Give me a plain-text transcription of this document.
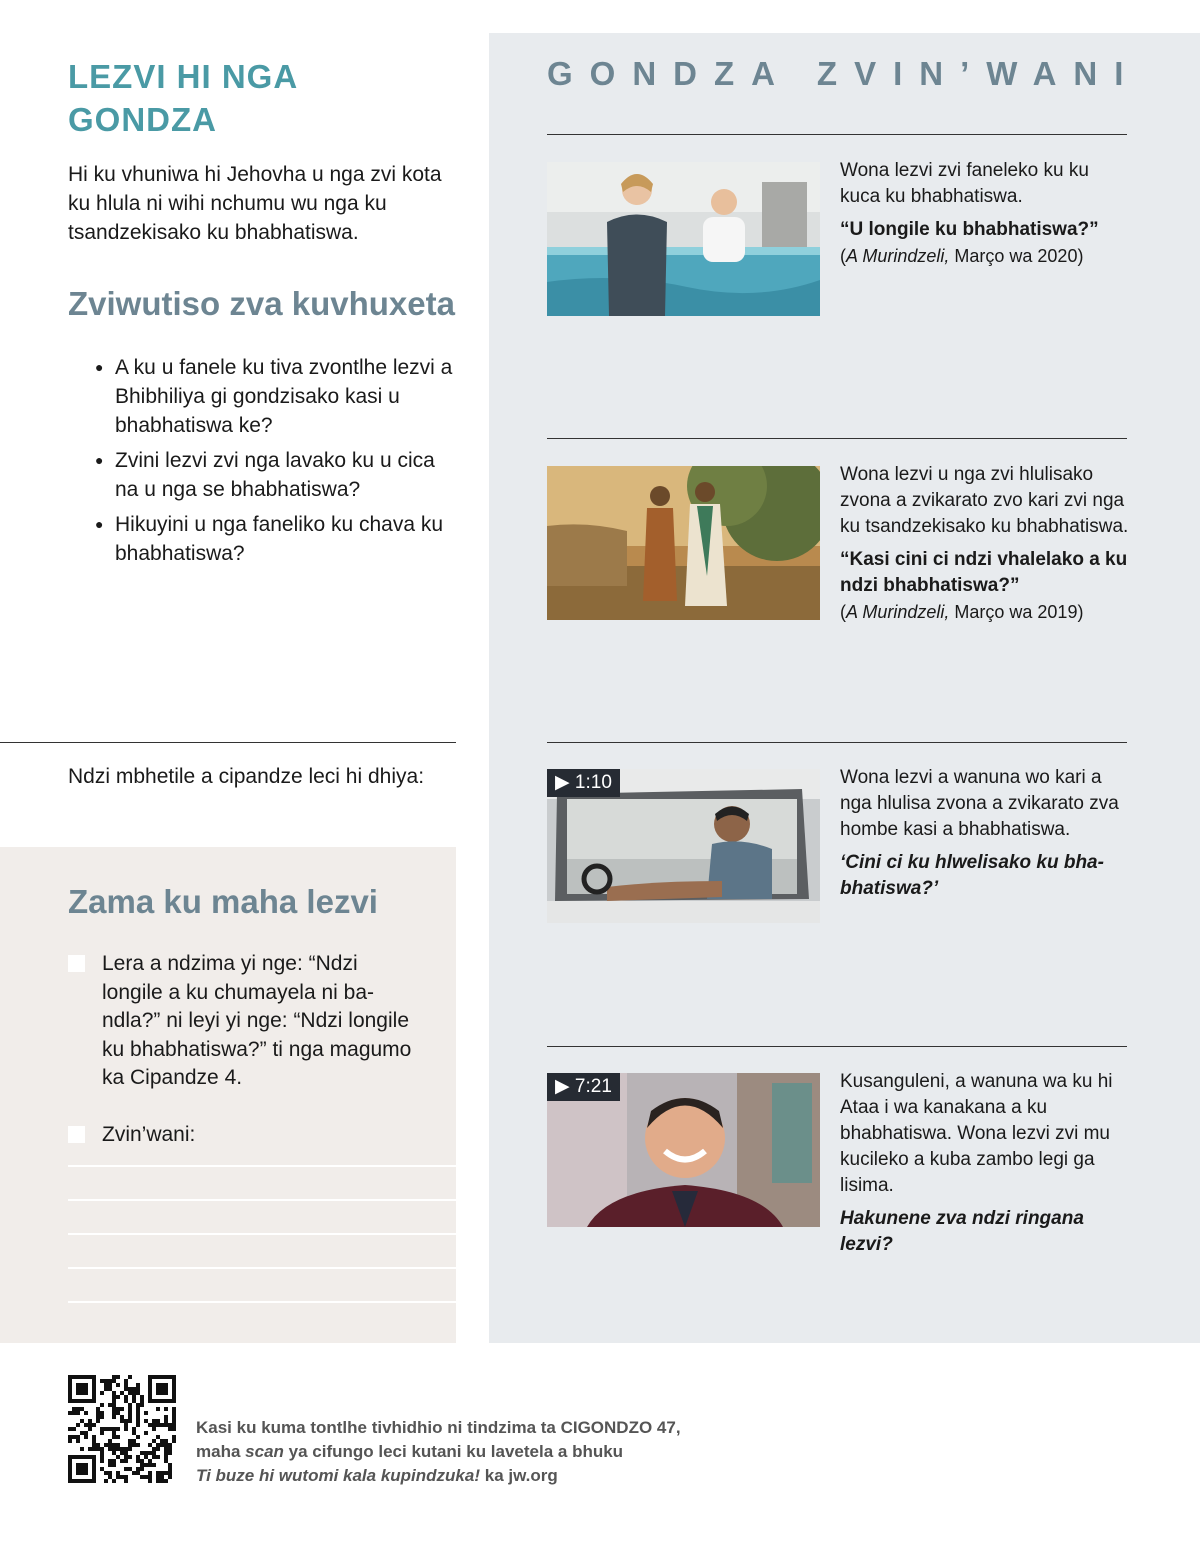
LEZVI HI NGA
GONDZA

Hi ku vhuniwa hi Jehovha u nga zvi kota ku hlula ni wihi nchumu wu nga ku tsandzekisako ku bhabhatiswa.

Zviwutiso zva kuvhuxeta
● A ku u fanele ku tiva zvontlhe lezvi a Bhibhiliya gi gondzisako kasi u bhabhatiswa ke?
● Zvini lezvi zvi nga lavako ku u cica na u nga se bhabhatiswa?
● Hikuyini u nga faneliko ku chava ku bhabhatiswa?

Ndzi mbhetile a cipandze leci hi dhiya:

Zama ku maha lezvi
Lera a ndzima yi nge: “Ndzi longile a ku chumayela ni bandla?” ni leyi yi nge: “Ndzi longile ku bhabhatiswa?” ti nga magumo ka Cipandze 4.
Zvin’wani:
GONDZA ZVIN’WANI

Wona lezvi zvi faneleko ku ku kuca ku bhabhatiswa.

“U longile ku bhabhatiswa?”
(A Murindzeli, Março wa 2020)

Wona lezvi u nga zvi hlulisako zvona a zvikarato zvo kari zvi nga ku tsandzekisako ku bhabhatiswa.

“Kasi cini ci ndzi vhalelako a ku ndzi bhabhatiswa?”
(A Murindzeli, Março wa 2019)
▶ 1:10	Wona lezvi a wanuna wo kari a nga hlulisa zvona a zvikarato zva hombe kasi a bhabhatiswa.

‘Cini ci ku hlwelisako ku bhabhatiswa?’
▶ 7:21	Kusanguleni, a wanuna wa ku hi Ataa i wa kanakana a ku bhabhatiswa. Wona lezvi zvi mu kucileko a kuba zambo legi ga lisima.

Hakunene zva ndzi ringana lezvi?
Kasi ku kuma tontlhe tivhidhio ni tindzima ta CIGONDZO 47,
maha scan ya cifungo leci kutani ku lavetela a bhuku
Ti buze hi wutomi kala kupindzuka! ka jw.org
